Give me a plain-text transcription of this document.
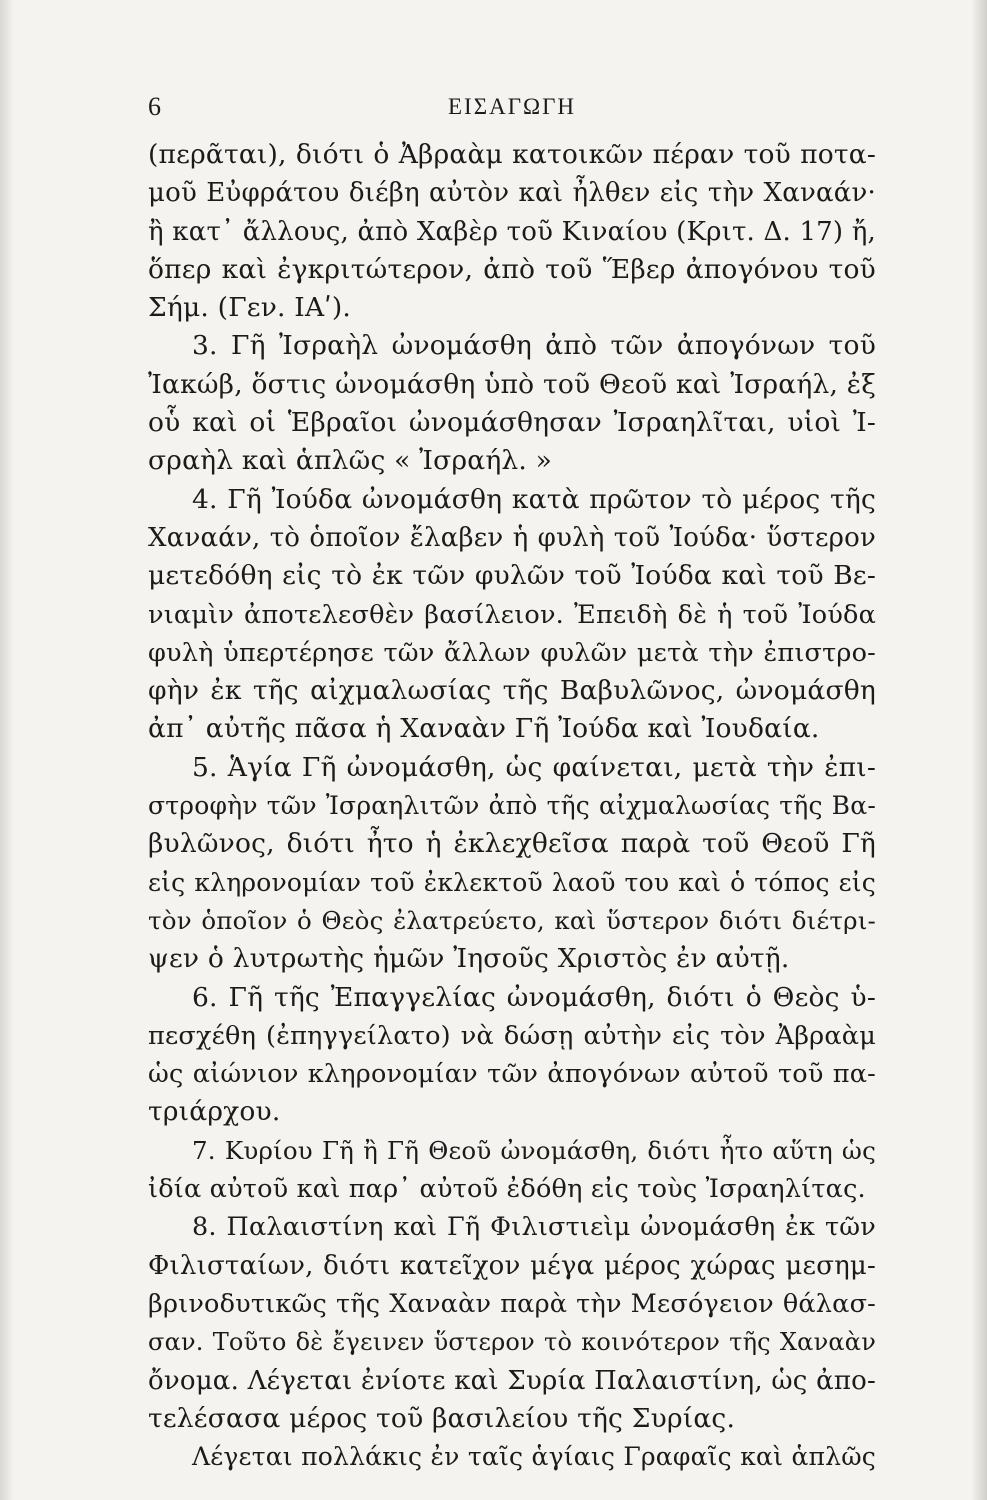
6	ΕΙΣΑΓΩΓΗ
(περᾶται), διότι ὁ Ἀβραὰμ κατοικῶν πέραν τοῦ ποτα-
μοῦ Εὐφράτου διέβη αὐτὸν καὶ ἦλθεν εἰς τὴν Χαναάν·
ἢ κατ᾿ ἄλλους, ἀπὸ Χαβὲρ τοῦ Κιναίου (Κριτ. Δ. 17) ἤ,
ὅπερ καὶ ἐγκριτώτερον, ἀπὸ τοῦ Ἕβερ ἀπογόνου τοῦ
Σήμ. (Γεν. ΙΑʹ).
3. Γῆ Ἰσραὴλ ὠνομάσθη ἀπὸ τῶν ἀπογόνων τοῦ
Ἰακώβ, ὅστις ὠνομάσθη ὑπὸ τοῦ Θεοῦ καὶ Ἰσραήλ, ἐξ
οὗ καὶ οἱ Ἑβραῖοι ὠνομάσθησαν Ἰσραηλῖται, υἱοὶ Ἰ-
σραὴλ καὶ ἁπλῶς « Ἰσραήλ. »
4. Γῆ Ἰούδα ὠνομάσθη κατὰ πρῶτον τὸ μέρος τῆς
Χαναάν, τὸ ὁποῖον ἔλαβεν ἡ φυλὴ τοῦ Ἰούδα· ὕστερον
μετεδόθη εἰς τὸ ἐκ τῶν φυλῶν τοῦ Ἰούδα καὶ τοῦ Βε-
νιαμὶν ἀποτελεσθὲν βασίλειον. Ἐπειδὴ δὲ ἡ τοῦ Ἰούδα
φυλὴ ὑπερτέρησε τῶν ἄλλων φυλῶν μετὰ τὴν ἐπιστρο-
φὴν ἐκ τῆς αἰχμαλωσίας τῆς Βαβυλῶνος, ὠνομάσθη
ἀπ᾿ αὐτῆς πᾶσα ἡ Χαναὰν Γῆ Ἰούδα καὶ Ἰουδαία.
5. Ἁγία Γῆ ὠνομάσθη, ὡς φαίνεται, μετὰ τὴν ἐπι-
στροφὴν τῶν Ἰσραηλιτῶν ἀπὸ τῆς αἰχμαλωσίας τῆς Βα-
βυλῶνος, διότι ἦτο ἡ ἐκλεχθεῖσα παρὰ τοῦ Θεοῦ Γῆ
εἰς κληρονομίαν τοῦ ἐκλεκτοῦ λαοῦ του καὶ ὁ τόπος εἰς
τὸν ὁποῖον ὁ Θεὸς ἐλατρεύετο, καὶ ὕστερον διότι διέτρι-
ψεν ὁ λυτρωτὴς ἡμῶν Ἰησοῦς Χριστὸς ἐν αὐτῇ.
6. Γῆ τῆς Ἐπαγγελίας ὠνομάσθη, διότι ὁ Θεὸς ὑ-
πεσχέθη (ἐπηγγείλατο) νὰ δώσῃ αὐτὴν εἰς τὸν Ἀβραὰμ
ὡς αἰώνιον κληρονομίαν τῶν ἀπογόνων αὐτοῦ τοῦ πα-
τριάρχου.
7. Κυρίου Γῆ ἢ Γῆ Θεοῦ ὠνομάσθη, διότι ἦτο αὕτη ὡς
ἰδία αὐτοῦ καὶ παρ᾿ αὐτοῦ ἐδόθη εἰς τοὺς Ἰσραηλίτας.
8. Παλαιστίνη καὶ Γῆ Φιλιστιεὶμ ὠνομάσθη ἐκ τῶν
Φιλισταίων, διότι κατεῖχον μέγα μέρος χώρας μεσημ-
βρινοδυτικῶς τῆς Χαναὰν παρὰ τὴν Μεσόγειον θάλασ-
σαν. Τοῦτο δὲ ἔγεινεν ὕστερον τὸ κοινότερον τῆς Χαναὰν
ὄνομα. Λέγεται ἐνίοτε καὶ Συρία Παλαιστίνη, ὡς ἀπο-
τελέσασα μέρος τοῦ βασιλείου τῆς Συρίας.
Λέγεται πολλάκις ἐν ταῖς ἁγίαις Γραφαῖς καὶ ἁπλῶς
